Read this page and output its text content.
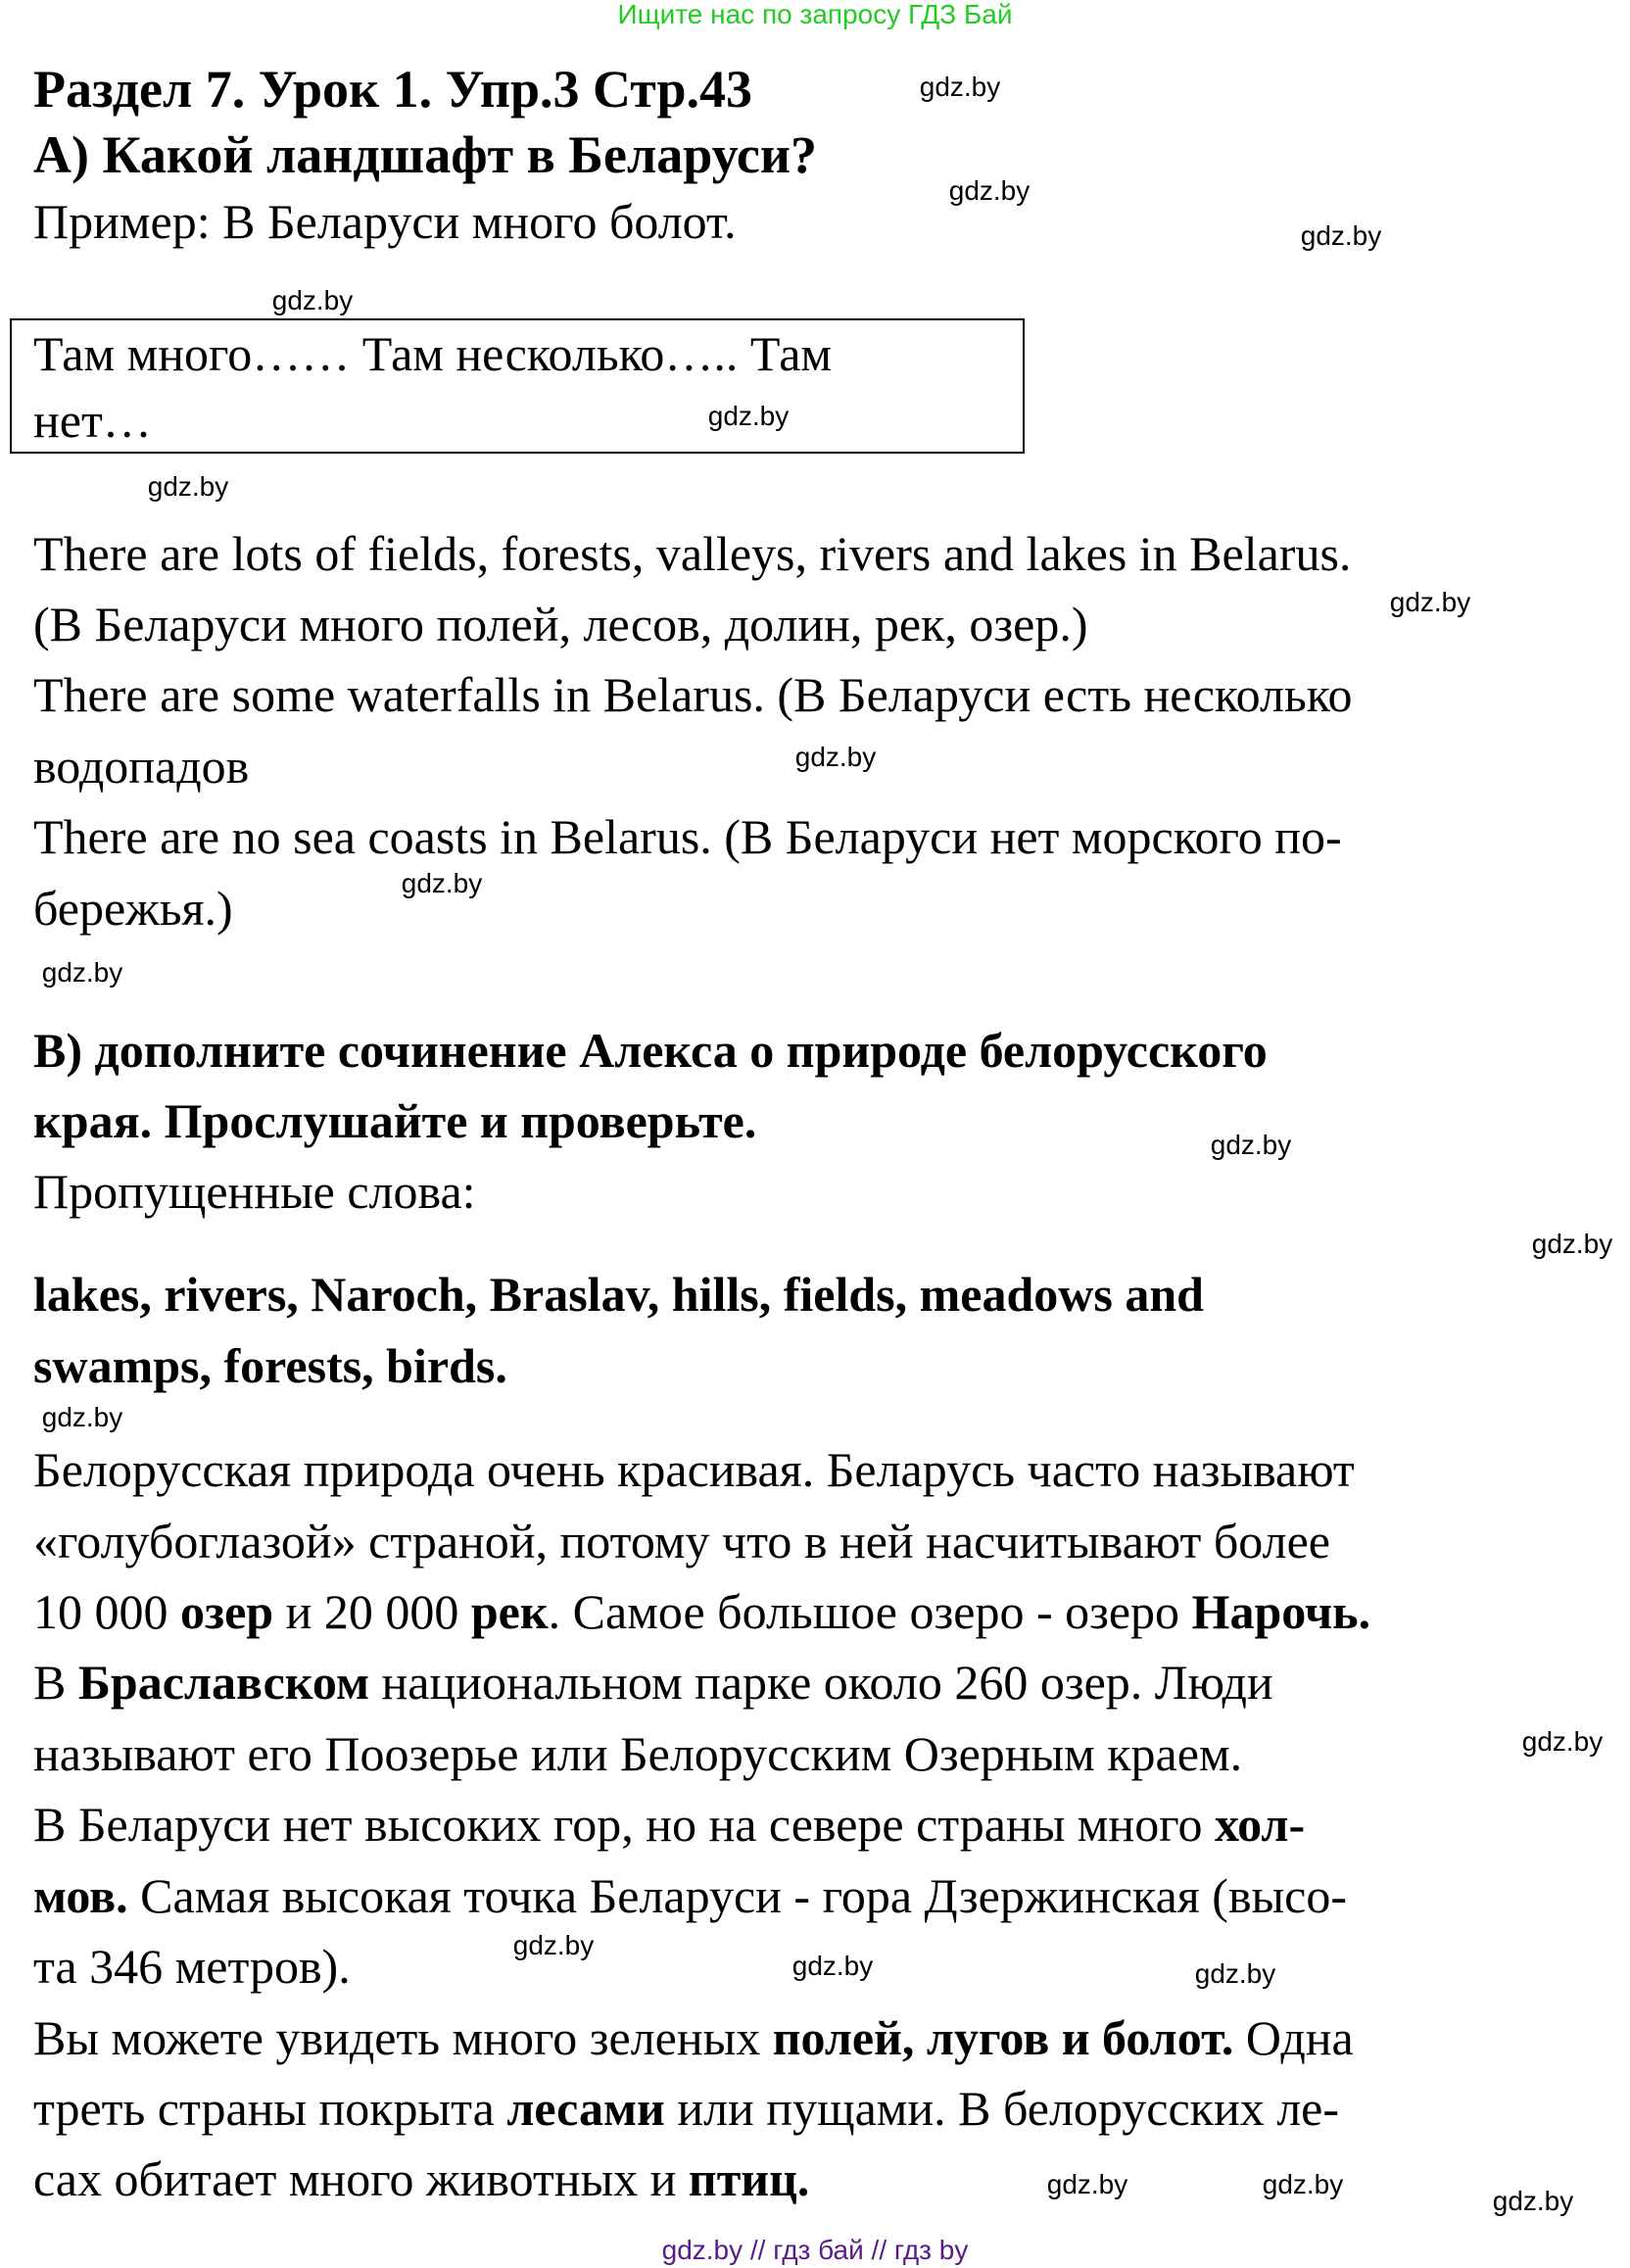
Ищите нас по запросу ГДЗ Бай
Раздел 7. Урок 1. Упр.3 Стр.43
А) Какой ландшафт в Беларуси?
Пример: В Беларуси много болот.
Там много…… Там несколько….. Там
нет…
There are lots of fields, forests, valleys, rivers and lakes in Belarus.
(В Беларуси много полей, лесов, долин, рек, озер.)
There are some waterfalls in Belarus. (В Беларуси есть несколько
водопадов
There are no sea coasts in Belarus. (В Беларуси нет морского по-
бережья.)
В) дополните сочинение Алекса о природе белорусского
края. Прослушайте и проверьте.
Пропущенные слова:
lakes, rivers, Naroch, Braslav, hills, fields, meadows and
swamps, forests, birds.
Белорусская природа очень красивая. Беларусь часто называют
«голубоглазой» страной, потому что в ней насчитывают более
10 000 озер и 20 000 рек. Самое большое озеро - озеро Нарочь.
В Браславском национальном парке около 260 озер. Люди
называют его Поозерье или Белорусским Озерным краем.
В Беларуси нет высоких гор, но на севере страны много хол-
мов. Самая высокая точка Беларуси - гора Дзержинская (высо-
та 346 метров).
Вы можете увидеть много зеленых полей, лугов и болот. Одна
треть страны покрыта лесами или пущами. В белорусских ле-
сах обитает много животных и птиц.
gdz.by
gdz.by
gdz.by
gdz.by
gdz.by
gdz.by
gdz.by
gdz.by
gdz.by
gdz.by
gdz.by
gdz.by
gdz.by
gdz.by
gdz.by
gdz.by
gdz.by
gdz.by
gdz.by
gdz.by
gdz.by // гдз бай // гдз by
